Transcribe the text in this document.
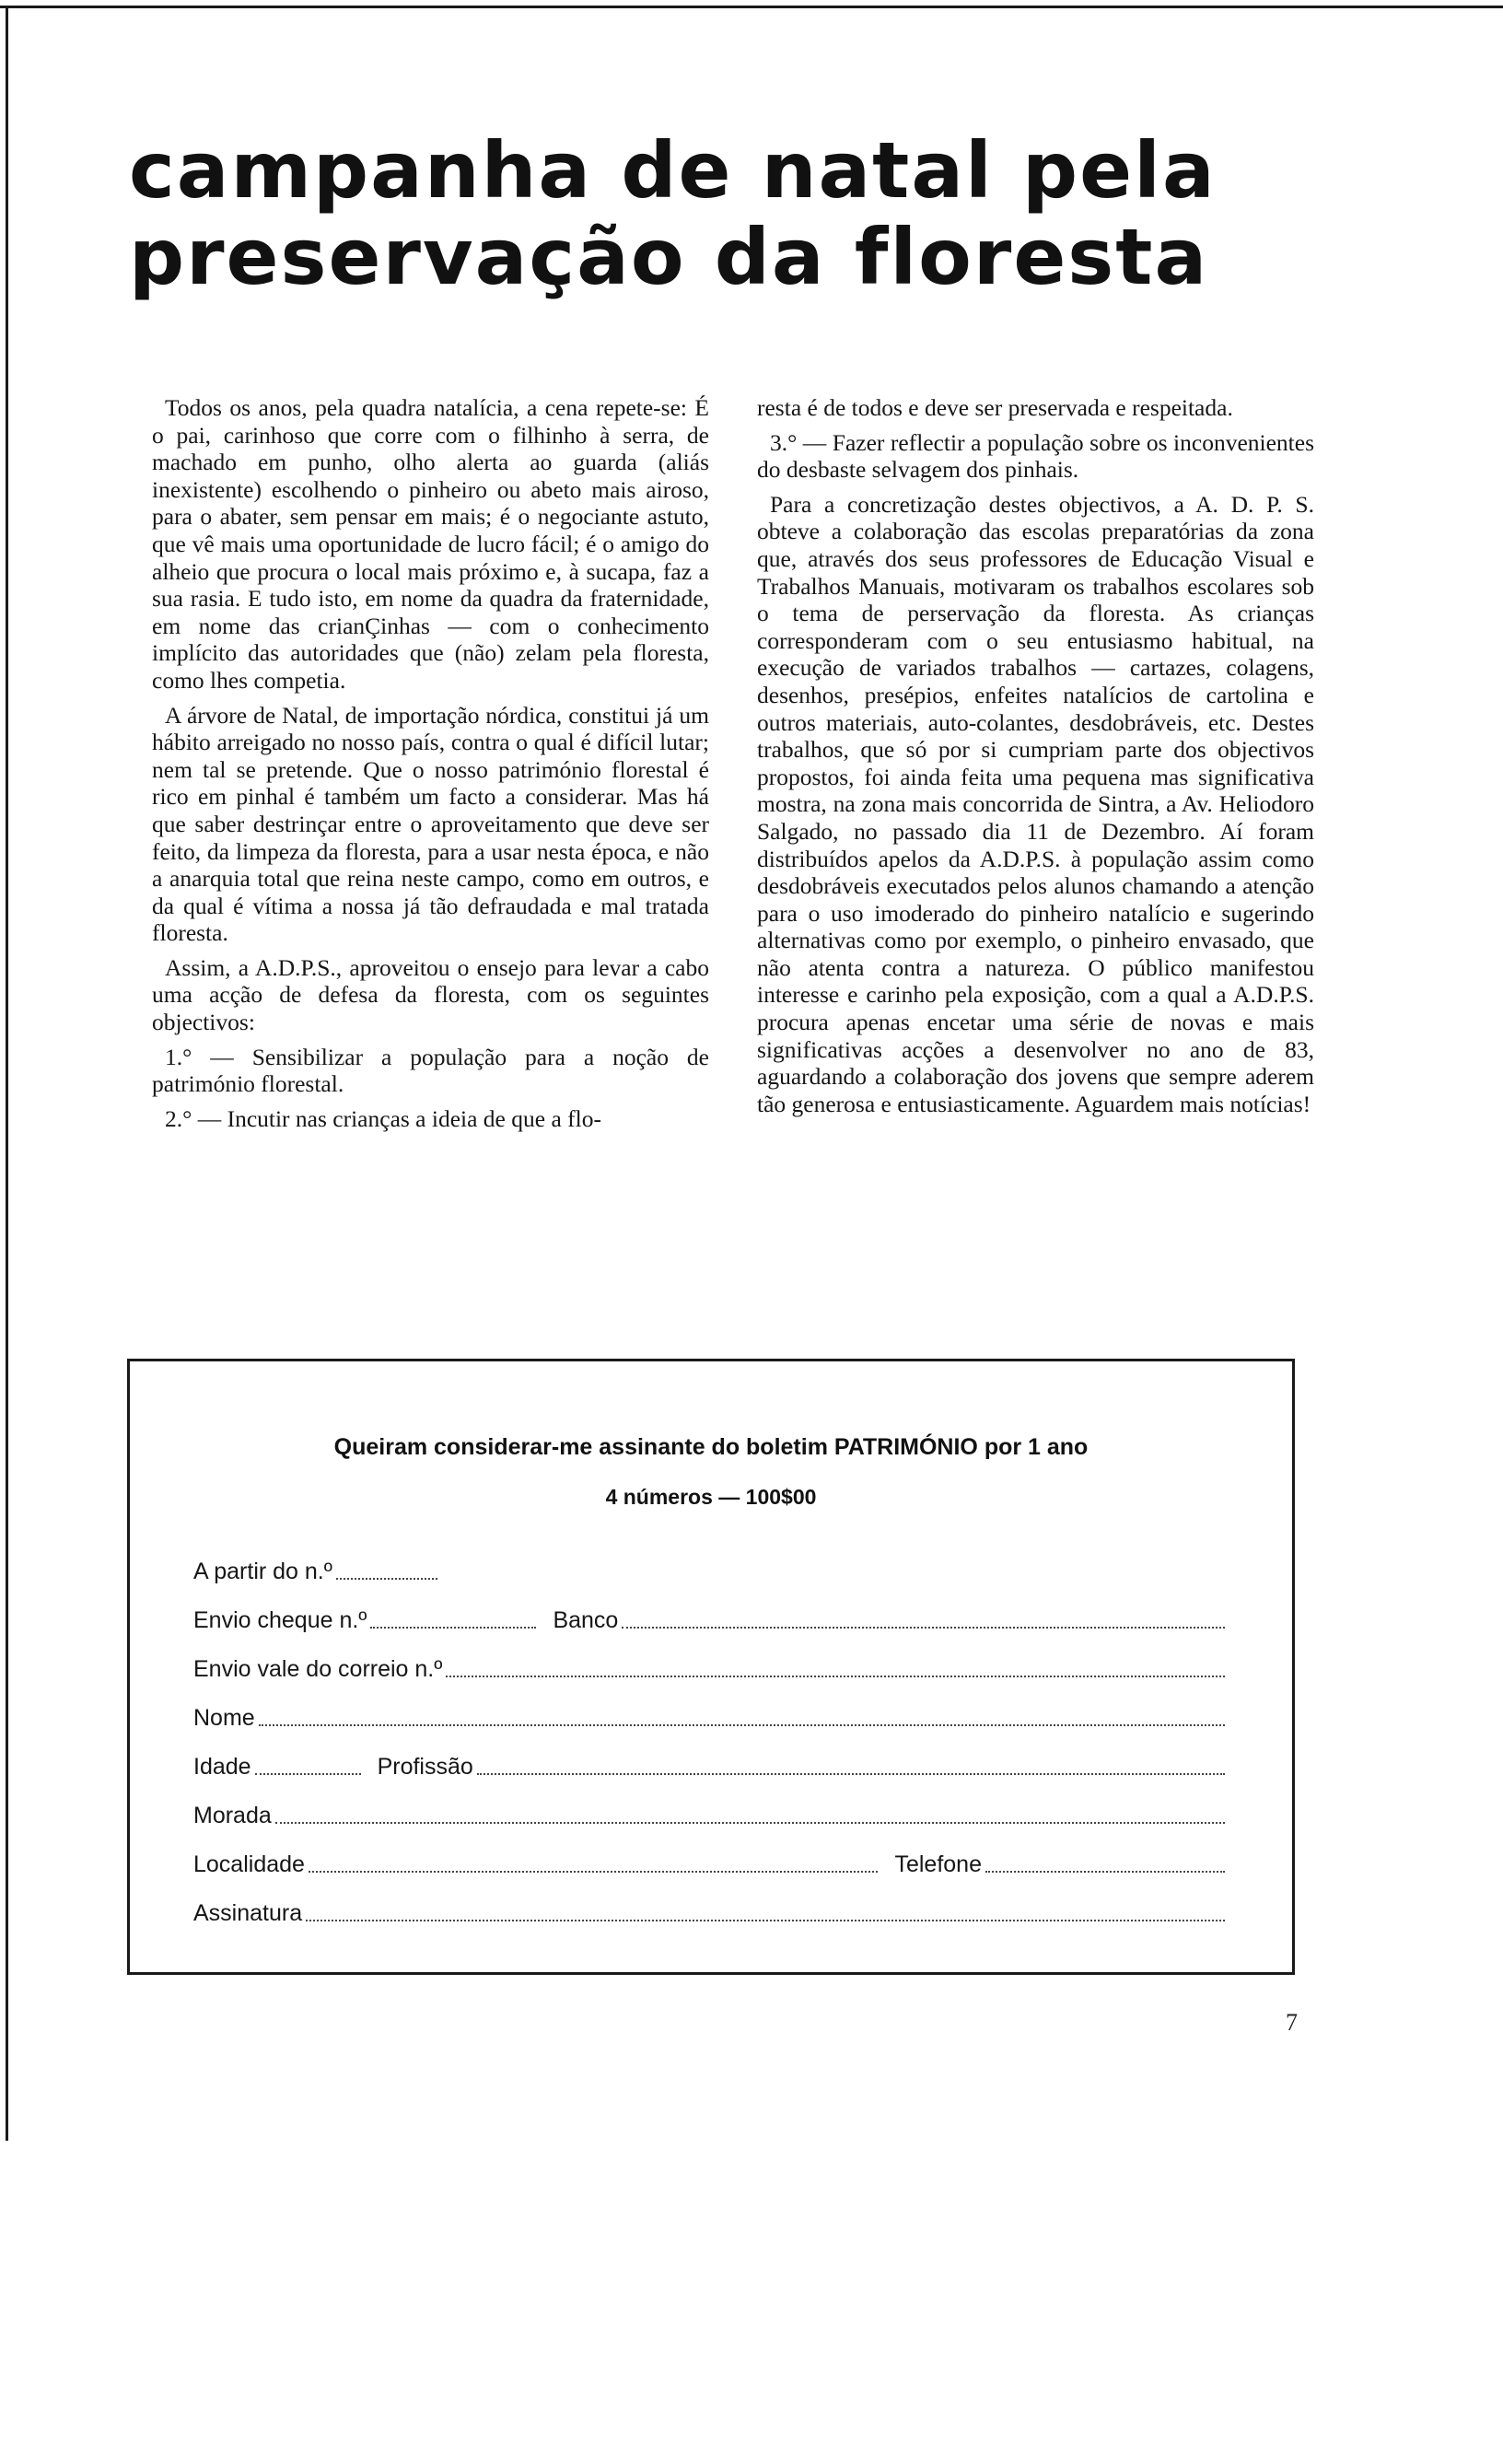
campanha de natal pela
preservação da floresta

Todos os anos, pela quadra natalícia, a cena repete-se: É o pai, carinhoso que corre com o filhinho à serra, de machado em punho, olho alerta ao guarda (aliás inexistente) escolhendo o pinheiro ou abeto mais airoso, para o abater, sem pensar em mais; é o negociante astuto, que vê mais uma oportunidade de lucro fácil; é o amigo do alheio que procura o local mais próximo e, à sucapa, faz a sua rasia. E tudo isto, em nome da quadra da fraternidade, em nome das crianÇinhas — com o conhecimento implícito das autoridades que (não) zelam pela floresta, como lhes competia.

A árvore de Natal, de importação nórdica, constitui já um hábito arreigado no nosso país, contra o qual é difícil lutar; nem tal se pretende. Que o nosso património florestal é rico em pinhal é também um facto a considerar. Mas há que saber destrinçar entre o aproveitamento que deve ser feito, da limpeza da floresta, para a usar nesta época, e não a anarquia total que reina neste campo, como em outros, e da qual é vítima a nossa já tão defraudada e mal tratada floresta.

Assim, a A.D.P.S., aproveitou o ensejo para levar a cabo uma acção de defesa da floresta, com os seguintes objectivos:

1.° — Sensibilizar a população para a noção de património florestal.

2.° — Incutir nas crianças a ideia de que a flo-

resta é de todos e deve ser preservada e respeitada.

3.° — Fazer reflectir a população sobre os inconvenientes do desbaste selvagem dos pinhais.

Para a concretização destes objectivos, a A. D. P. S. obteve a colaboração das escolas preparatórias da zona que, através dos seus professores de Educação Visual e Trabalhos Manuais, motivaram os trabalhos escolares sob o tema de perservação da floresta. As crianças corresponderam com o seu entusiasmo habitual, na execução de variados trabalhos — cartazes, colagens, desenhos, presépios, enfeites natalícios de cartolina e outros materiais, auto-colantes, desdobráveis, etc. Destes trabalhos, que só por si cumpriam parte dos objectivos propostos, foi ainda feita uma pequena mas significativa mostra, na zona mais concorrida de Sintra, a Av. Heliodoro Salgado, no passado dia 11 de Dezembro. Aí foram distribuídos apelos da A.D.P.S. à população assim como desdobráveis executados pelos alunos chamando a atenção para o uso imoderado do pinheiro natalício e sugerindo alternativas como por exemplo, o pinheiro envasado, que não atenta contra a natureza. O público manifestou interesse e carinho pela exposição, com a qual a A.D.P.S. procura apenas encetar uma série de novas e mais significativas acções a desenvolver no ano de 83, aguardando a colaboração dos jovens que sempre aderem tão generosa e entusiasticamente. Aguardem mais notícias!

Queiram considerar-me assinante do boletim PATRIMÓNIO por 1 ano
4 números — 100$00
A partir do n.º
Envio cheque n.º	Banco
Envio vale do correio n.º
Nome
Idade	Profissão
Morada
Localidade	Telefone
Assinatura
7
